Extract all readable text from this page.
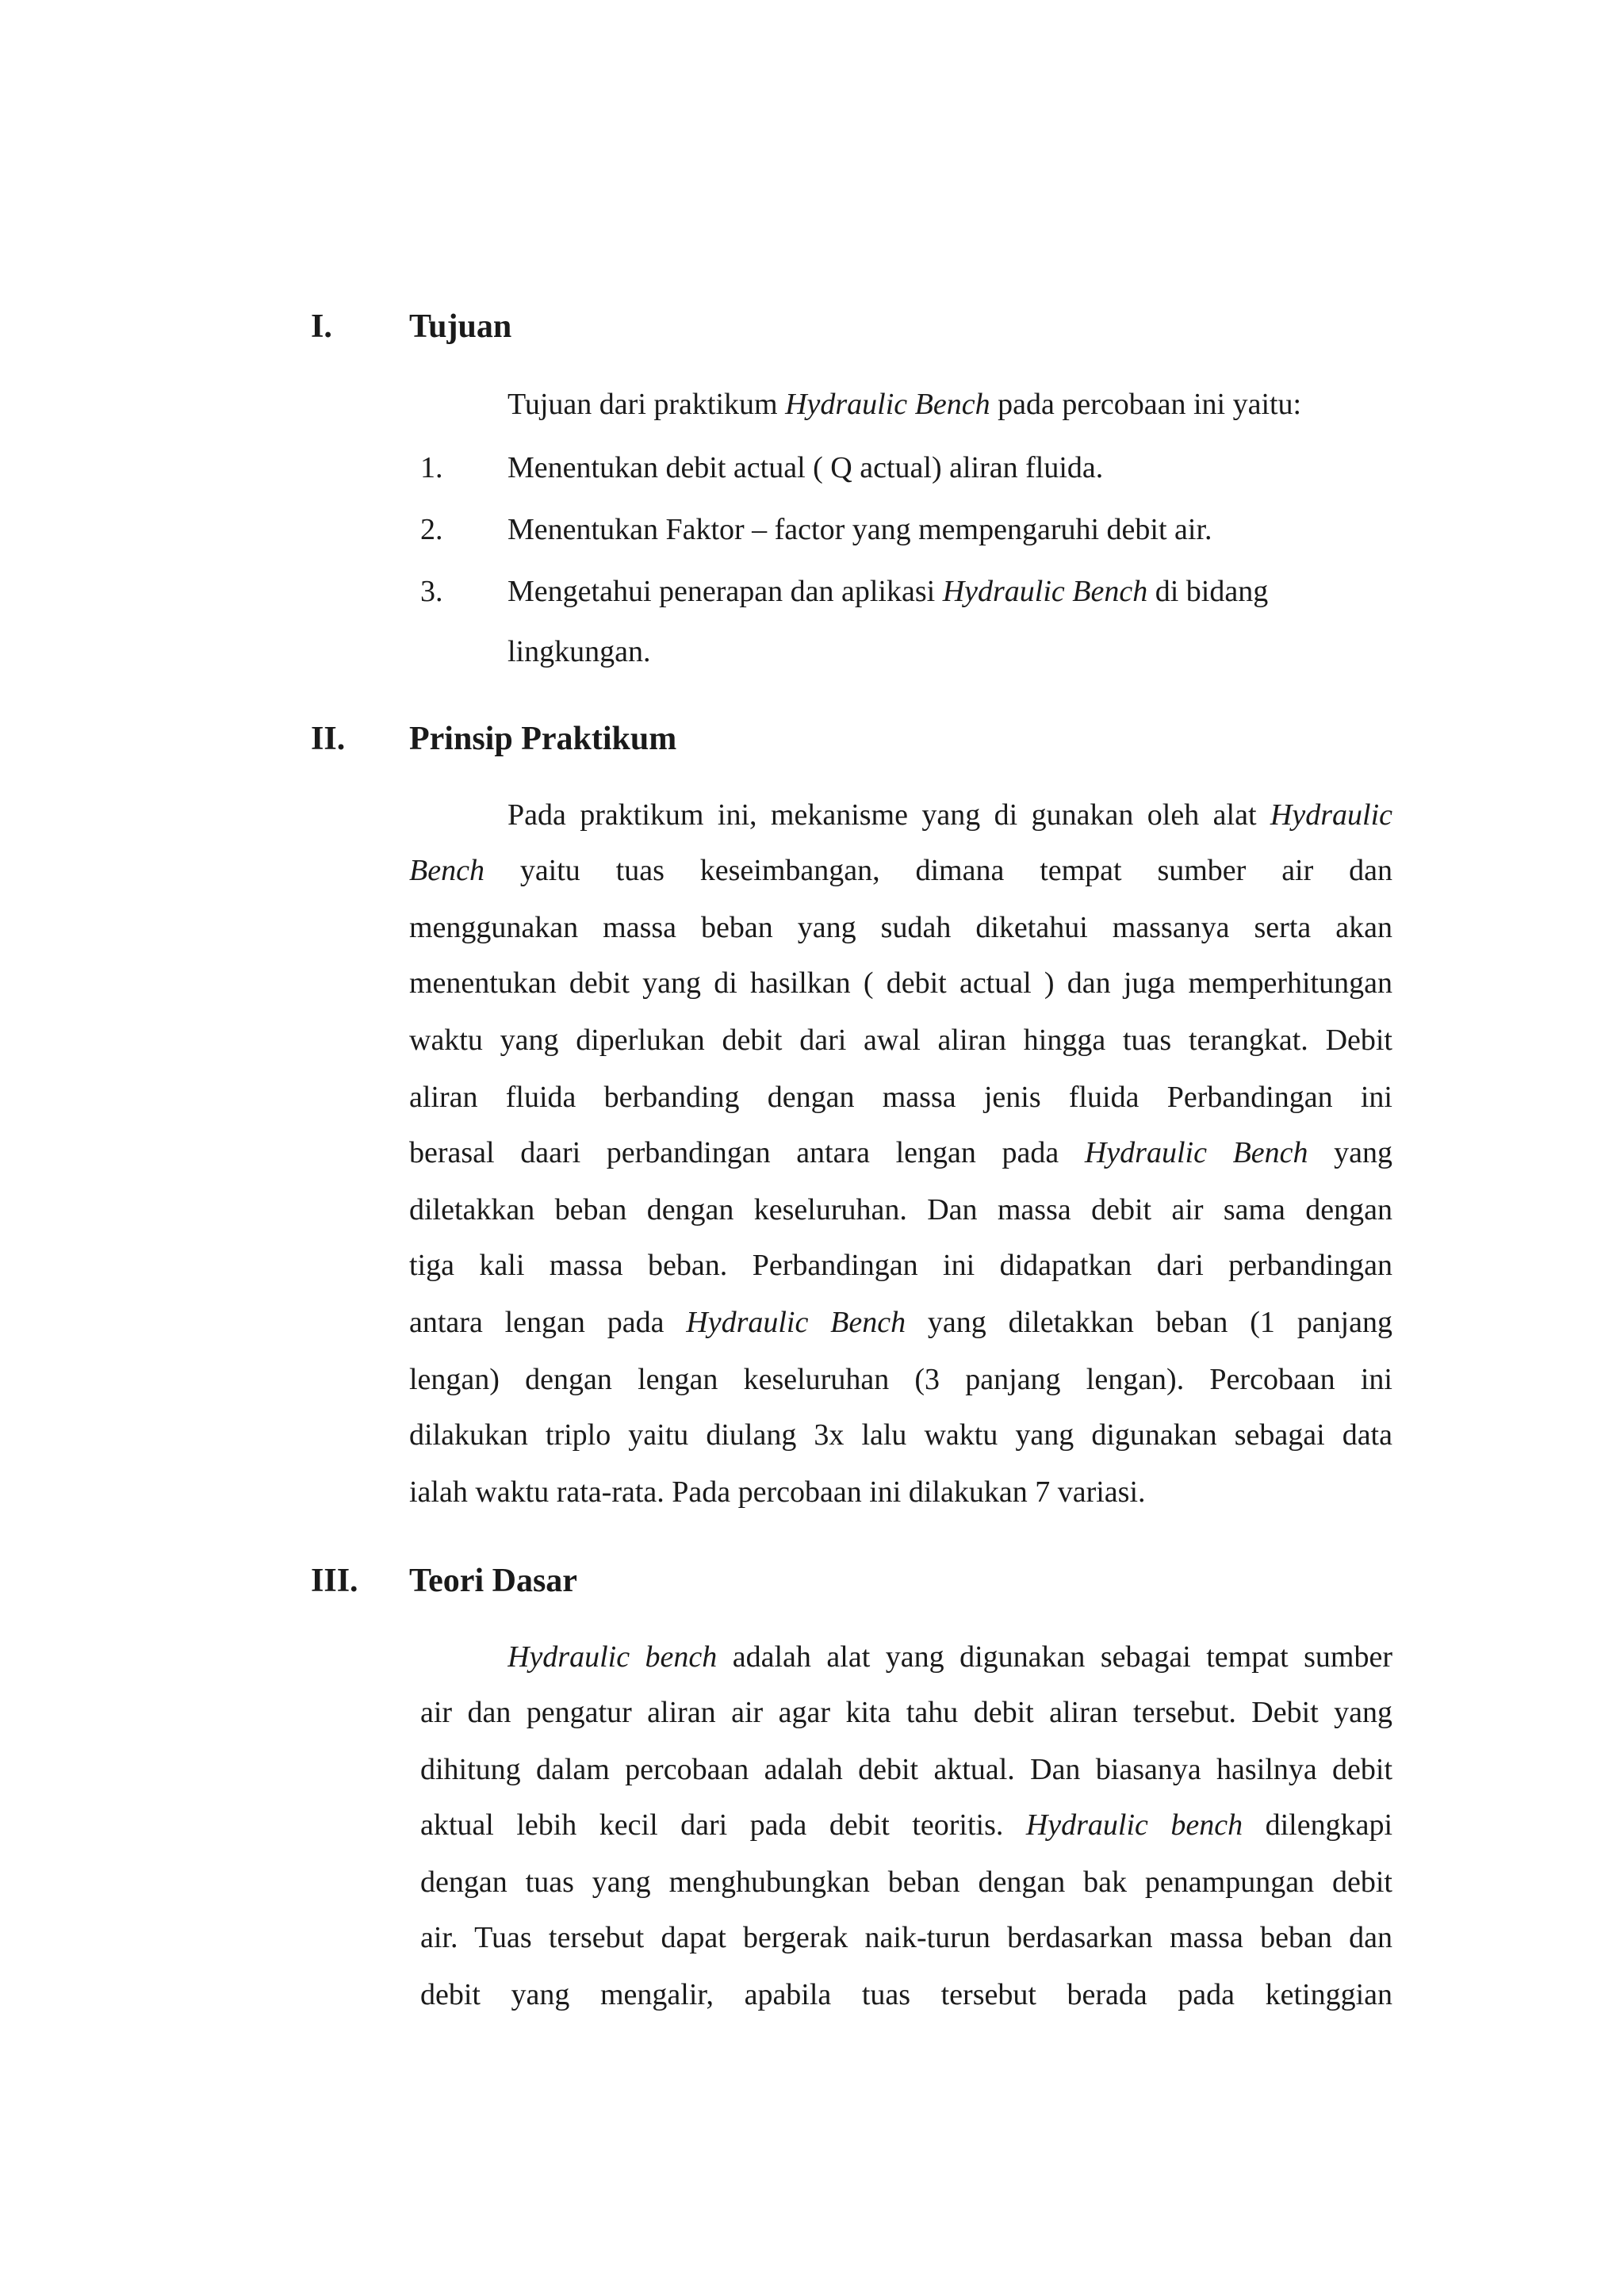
I. Tujuan
Tujuan dari praktikum Hydraulic Bench pada percobaan ini yaitu:
1. Menentukan debit actual ( Q actual) aliran fluida.
2. Menentukan Faktor – factor yang mempengaruhi debit air.
3. Mengetahui penerapan dan aplikasi Hydraulic Bench di bidang
lingkungan.
II. Prinsip Praktikum
Pada praktikum ini, mekanisme yang di gunakan oleh alat Hydraulic
Bench yaitu tuas keseimbangan, dimana tempat sumber air dan
menggunakan massa beban yang sudah diketahui massanya serta akan
menentukan debit yang di hasilkan ( debit actual ) dan juga memperhitungan
waktu yang diperlukan debit dari awal aliran hingga tuas terangkat. Debit
aliran fluida berbanding dengan massa jenis fluida Perbandingan ini
berasal daari perbandingan antara lengan pada Hydraulic Bench yang
diletakkan beban dengan keseluruhan. Dan massa debit air sama dengan
tiga kali massa beban. Perbandingan ini didapatkan dari perbandingan
antara lengan pada Hydraulic Bench yang diletakkan beban (1 panjang
lengan) dengan lengan keseluruhan (3 panjang lengan). Percobaan ini
dilakukan triplo yaitu diulang 3x lalu waktu yang digunakan sebagai data
ialah waktu rata-rata. Pada percobaan ini dilakukan 7 variasi.
III. Teori Dasar
Hydraulic bench adalah alat yang digunakan sebagai tempat sumber
air dan pengatur aliran air agar kita tahu debit aliran tersebut. Debit yang
dihitung dalam percobaan adalah debit aktual. Dan biasanya hasilnya debit
aktual lebih kecil dari pada debit teoritis. Hydraulic bench dilengkapi
dengan tuas yang menghubungkan beban dengan bak penampungan debit
air. Tuas tersebut dapat bergerak naik-turun berdasarkan massa beban dan
debit yang mengalir, apabila tuas tersebut berada pada ketinggian
